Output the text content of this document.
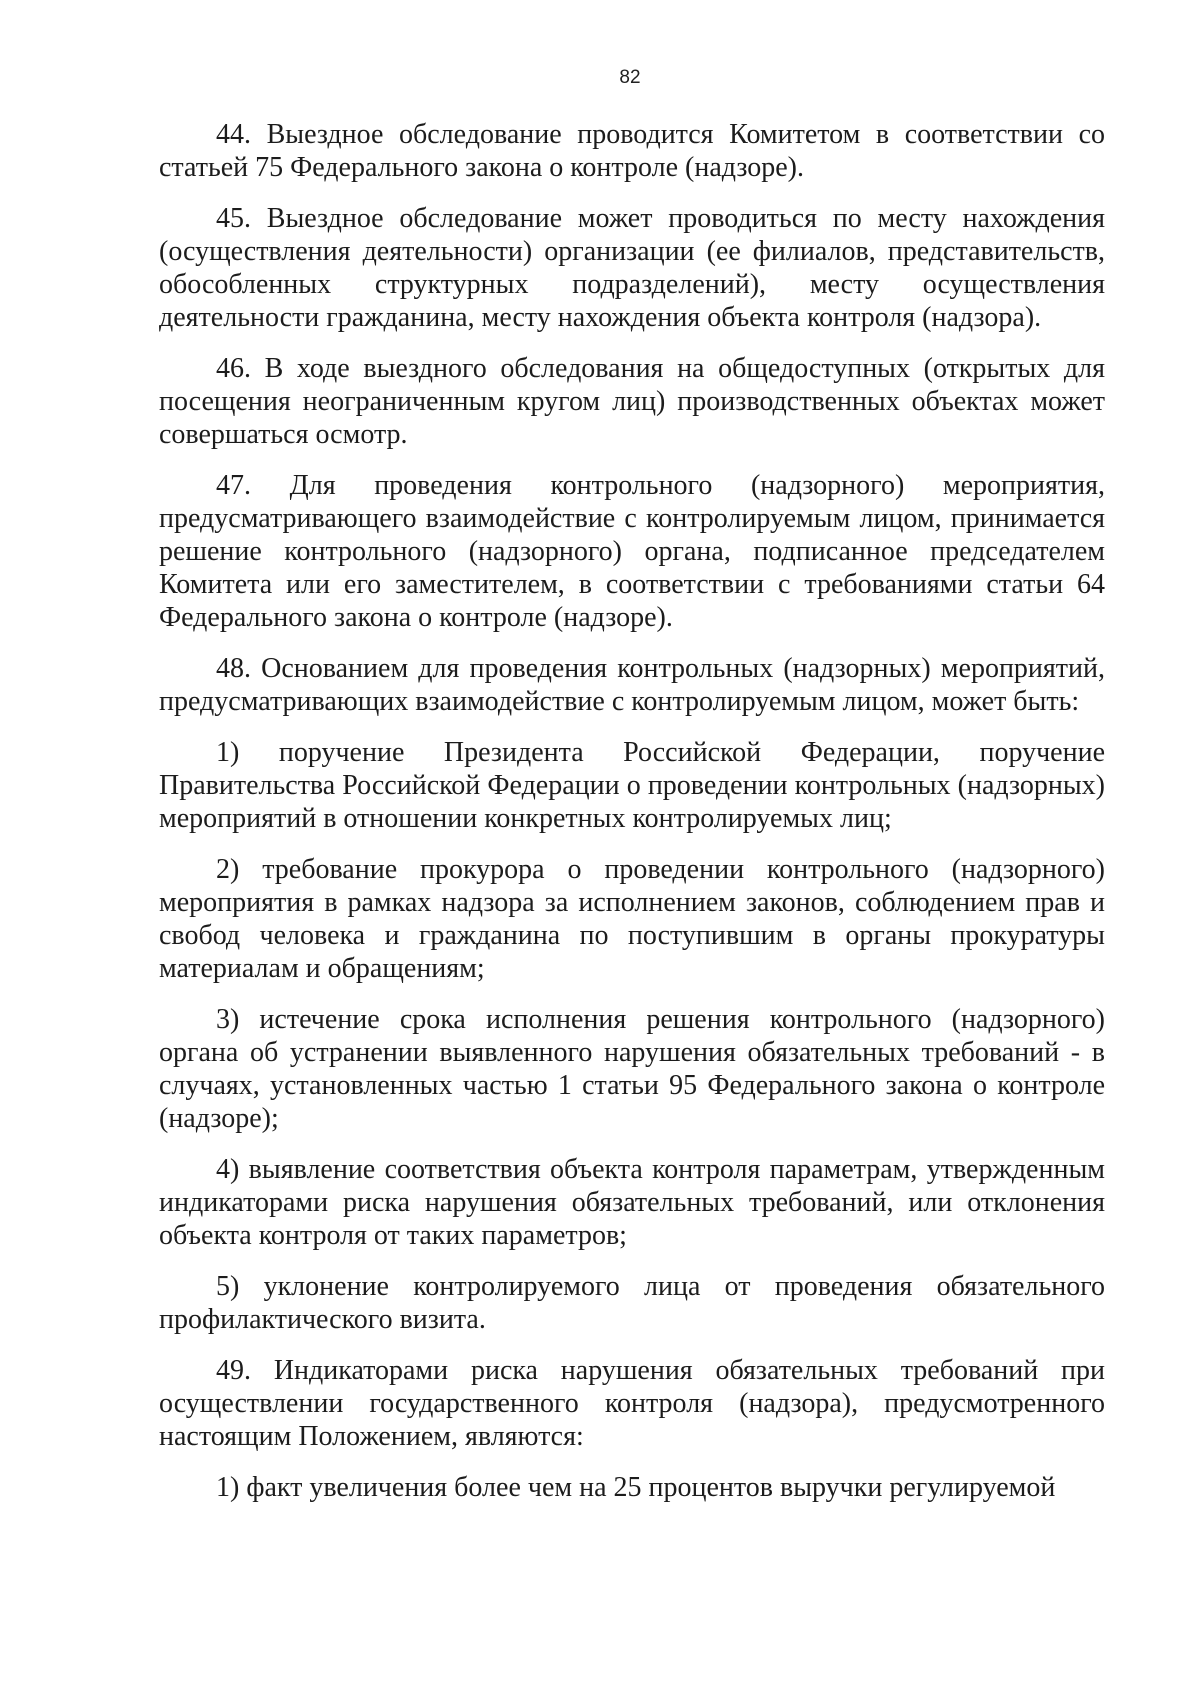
82

44. Выездное обследование проводится Комитетом в соответствии со статьей 75 Федерального закона о контроле (надзоре).

45. Выездное обследование может проводиться по месту нахождения (осуществления деятельности) организации (ее филиалов, представительств, обособленных структурных подразделений), месту осуществления деятельности гражданина, месту нахождения объекта контроля (надзора).

46. В ходе выездного обследования на общедоступных (открытых для посещения неограниченным кругом лиц) производственных объектах может совершаться осмотр.

47. Для проведения контрольного (надзорного) мероприятия, предусматривающего взаимодействие с контролируемым лицом, принимается решение контрольного (надзорного) органа, подписанное председателем Комитета или его заместителем, в соответствии с требованиями статьи 64 Федерального закона о контроле (надзоре).

48. Основанием для проведения контрольных (надзорных) мероприятий, предусматривающих взаимодействие с контролируемым лицом, может быть:

1) поручение Президента Российской Федерации, поручение Правительства Российской Федерации о проведении контрольных (надзорных) мероприятий в отношении конкретных контролируемых лиц;

2) требование прокурора о проведении контрольного (надзорного) мероприятия в рамках надзора за исполнением законов, соблюдением прав и свобод человека и гражданина по поступившим в органы прокуратуры материалам и обращениям;

3) истечение срока исполнения решения контрольного (надзорного) органа об устранении выявленного нарушения обязательных требований - в случаях, установленных частью 1 статьи 95 Федерального закона о контроле (надзоре);

4) выявление соответствия объекта контроля параметрам, утвержденным индикаторами риска нарушения обязательных требований, или отклонения объекта контроля от таких параметров;

5) уклонение контролируемого лица от проведения обязательного профилактического визита.

49. Индикаторами риска нарушения обязательных требований при осуществлении государственного контроля (надзора), предусмотренного настоящим Положением, являются:

1) факт увеличения более чем на 25 процентов выручки регулируемой
